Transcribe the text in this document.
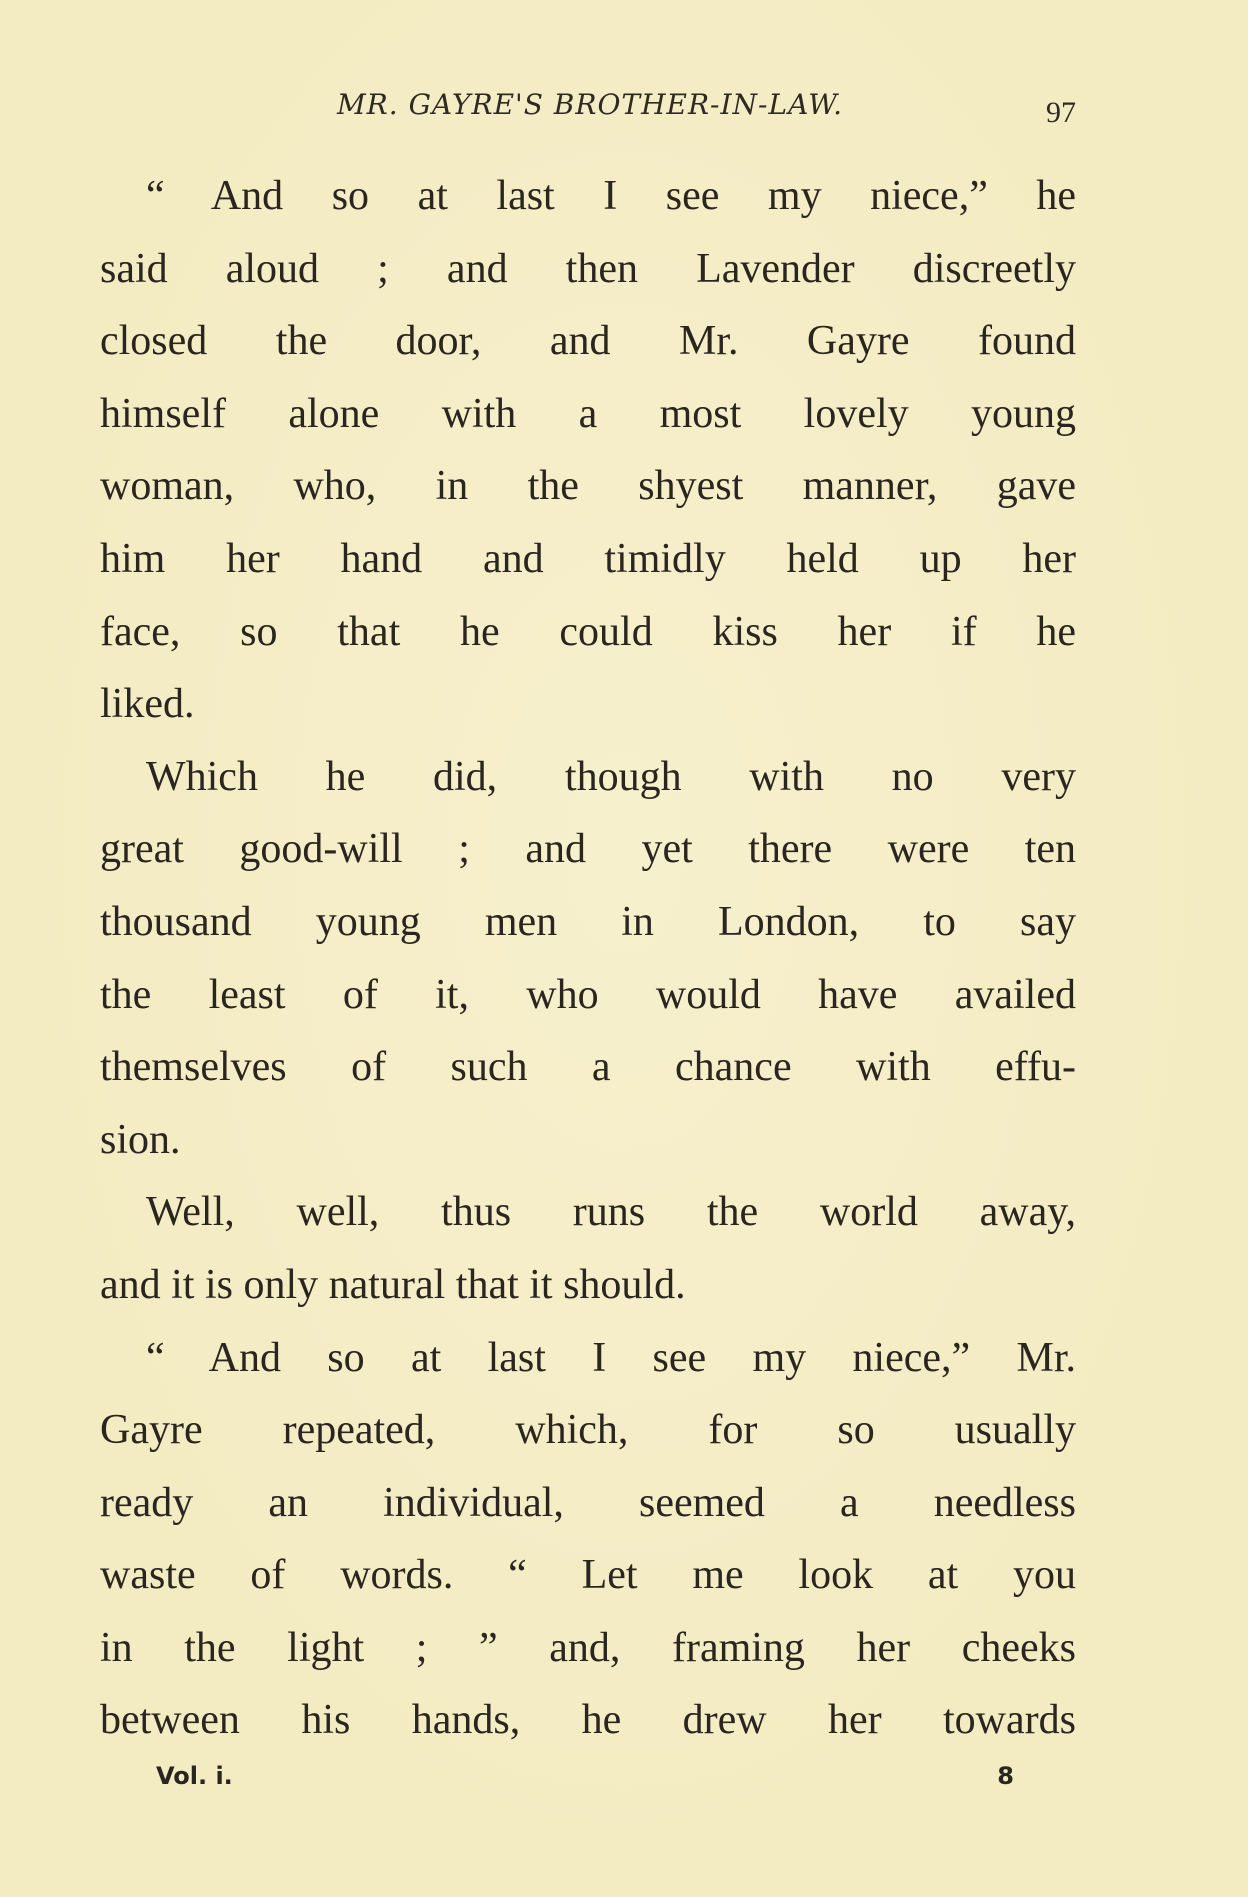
MR. GAYRE'S BROTHER-IN-LAW.	97
“ And so at last I see my niece,” he
said aloud ; and then Lavender discreetly
closed the door, and Mr. Gayre found
himself alone with a most lovely young
woman, who, in the shyest manner, gave
him her hand and timidly held up her
face, so that he could kiss her if he
liked.
Which he did, though with no very
great good-will ; and yet there were ten
thousand young men in London, to say
the least of it, who would have availed
themselves of such a chance with effu-
sion.
Well, well, thus runs the world away,
and it is only natural that it should.
“ And so at last I see my niece,” Mr.
Gayre repeated, which, for so usually
ready an individual, seemed a needless
waste of words. “ Let me look at you
in the light ; ” and, framing her cheeks
between his hands, he drew her towards
Vol. i.	8
